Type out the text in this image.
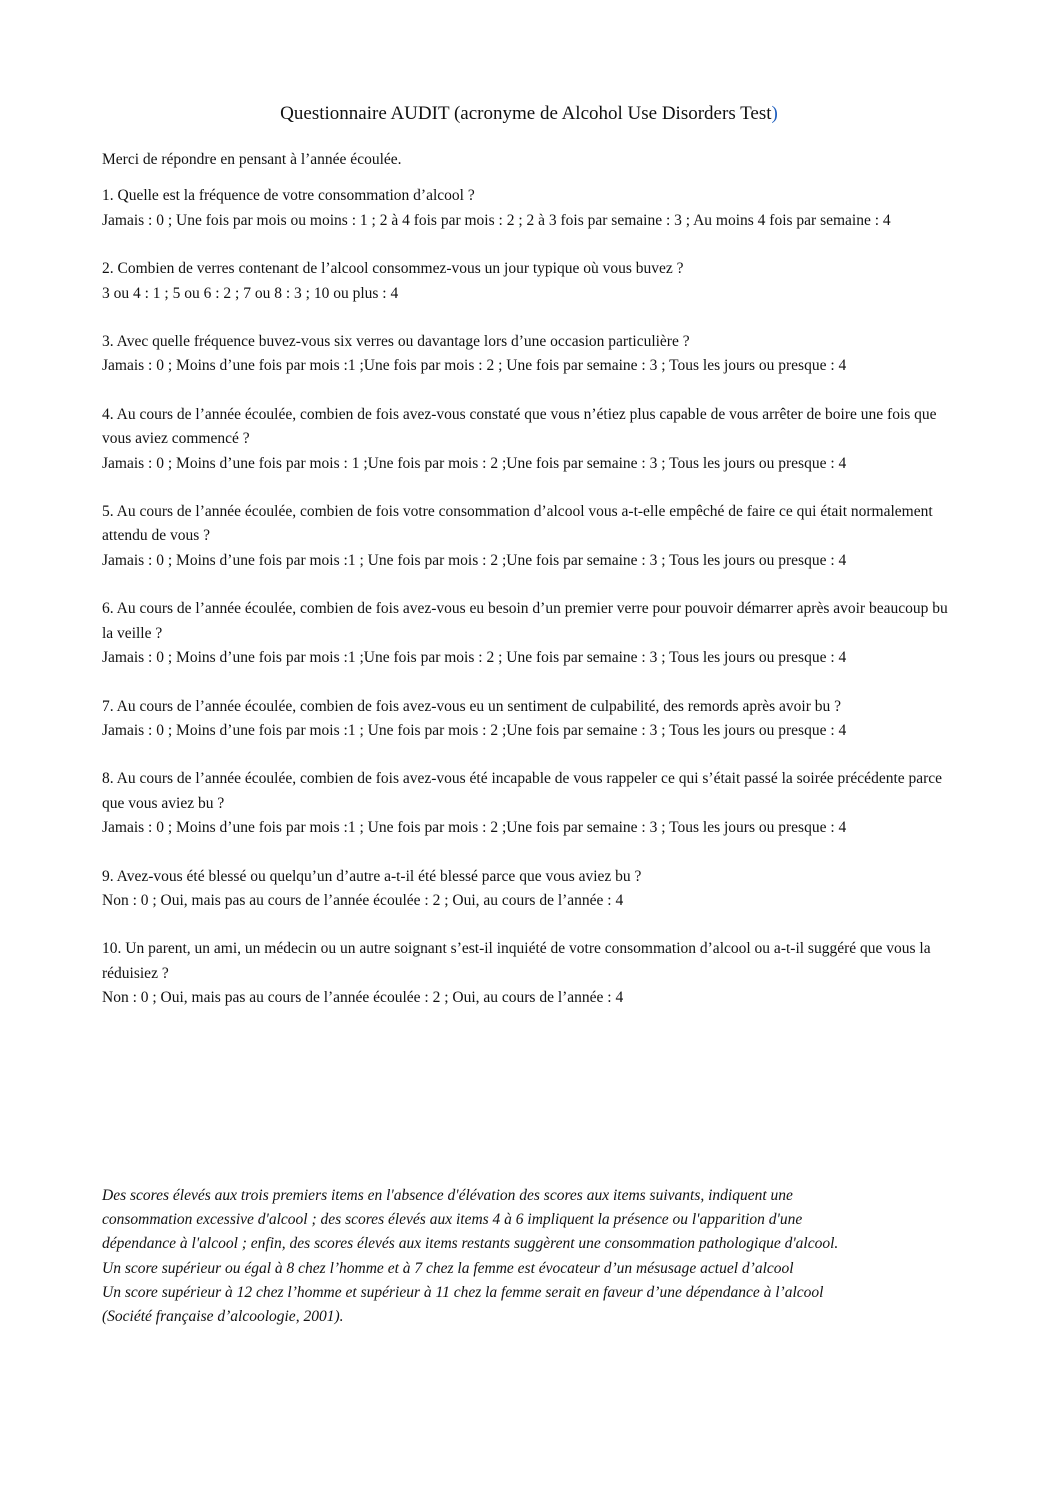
Questionnaire AUDIT (acronyme de Alcohol Use Disorders Test)

Merci de répondre en pensant à l’année écoulée.

1. Quelle est la fréquence de votre consommation d’alcool ?

Jamais : 0 ; Une fois par mois ou moins : 1 ; 2 à 4 fois par mois : 2 ; 2 à 3 fois par semaine : 3 ; Au moins 4 fois par semaine : 4

2. Combien de verres contenant de l’alcool consommez-vous un jour typique où vous buvez ?

3 ou 4 : 1 ; 5 ou 6 : 2 ; 7 ou 8 : 3 ; 10 ou plus : 4

3. Avec quelle fréquence buvez-vous six verres ou davantage lors d’une occasion particulière ?

Jamais : 0 ; Moins d’une fois par mois :1 ;Une fois par mois : 2 ; Une fois par semaine : 3 ; Tous les jours ou presque : 4

4. Au cours de l’année écoulée, combien de fois avez-vous constaté que vous n’étiez plus capable de vous arrêter de boire une fois que vous aviez commencé ?

Jamais : 0 ; Moins d’une fois par mois : 1 ;Une fois par mois : 2 ;Une fois par semaine : 3 ; Tous les jours ou presque : 4

5. Au cours de l’année écoulée, combien de fois votre consommation d’alcool vous a-t-elle empêché de faire ce qui était normalement attendu de vous ?

Jamais : 0 ; Moins d’une fois par mois :1 ; Une fois par mois : 2 ;Une fois par semaine : 3 ; Tous les jours ou presque : 4

6. Au cours de l’année écoulée, combien de fois avez-vous eu besoin d’un premier verre pour pouvoir démarrer après avoir beaucoup bu la veille ?

Jamais : 0 ; Moins d’une fois par mois :1 ;Une fois par mois : 2 ; Une fois par semaine : 3 ; Tous les jours ou presque : 4

7. Au cours de l’année écoulée, combien de fois avez-vous eu un sentiment de culpabilité, des remords après avoir bu ?

Jamais : 0 ; Moins d’une fois par mois :1 ; Une fois par mois : 2 ;Une fois par semaine : 3 ; Tous les jours ou presque : 4

8. Au cours de l’année écoulée, combien de fois avez-vous été incapable de vous rappeler ce qui s’était passé la soirée précédente parce que vous aviez bu ?

Jamais : 0 ; Moins d’une fois par mois :1 ; Une fois par mois : 2 ;Une fois par semaine : 3 ; Tous les jours ou presque : 4

9. Avez-vous été blessé ou quelqu’un d’autre a-t-il été blessé parce que vous aviez bu ?

Non : 0 ; Oui, mais pas au cours de l’année écoulée : 2 ; Oui, au cours de l’année : 4

10. Un parent, un ami, un médecin ou un autre soignant s’est-il inquiété de votre consommation d’alcool ou a-t-il suggéré que vous la réduisiez ?

Non : 0 ; Oui, mais pas au cours de l’année écoulée : 2 ; Oui, au cours de l’année : 4

Des scores élevés aux trois premiers items en l'absence d'élévation des scores aux items suivants, indiquent une

consommation excessive d'alcool ; des scores élevés aux items 4 à 6 impliquent la présence ou l'apparition d'une

dépendance à l'alcool ; enfin, des scores élevés aux items restants suggèrent une consommation pathologique d'alcool.

Un score supérieur ou égal à 8 chez l’homme et à 7 chez la femme est évocateur d’un mésusage actuel d’alcool

Un score supérieur à 12 chez l’homme et supérieur à 11 chez la femme serait en faveur d’une dépendance à l’alcool

(Société française d’alcoologie, 2001).
